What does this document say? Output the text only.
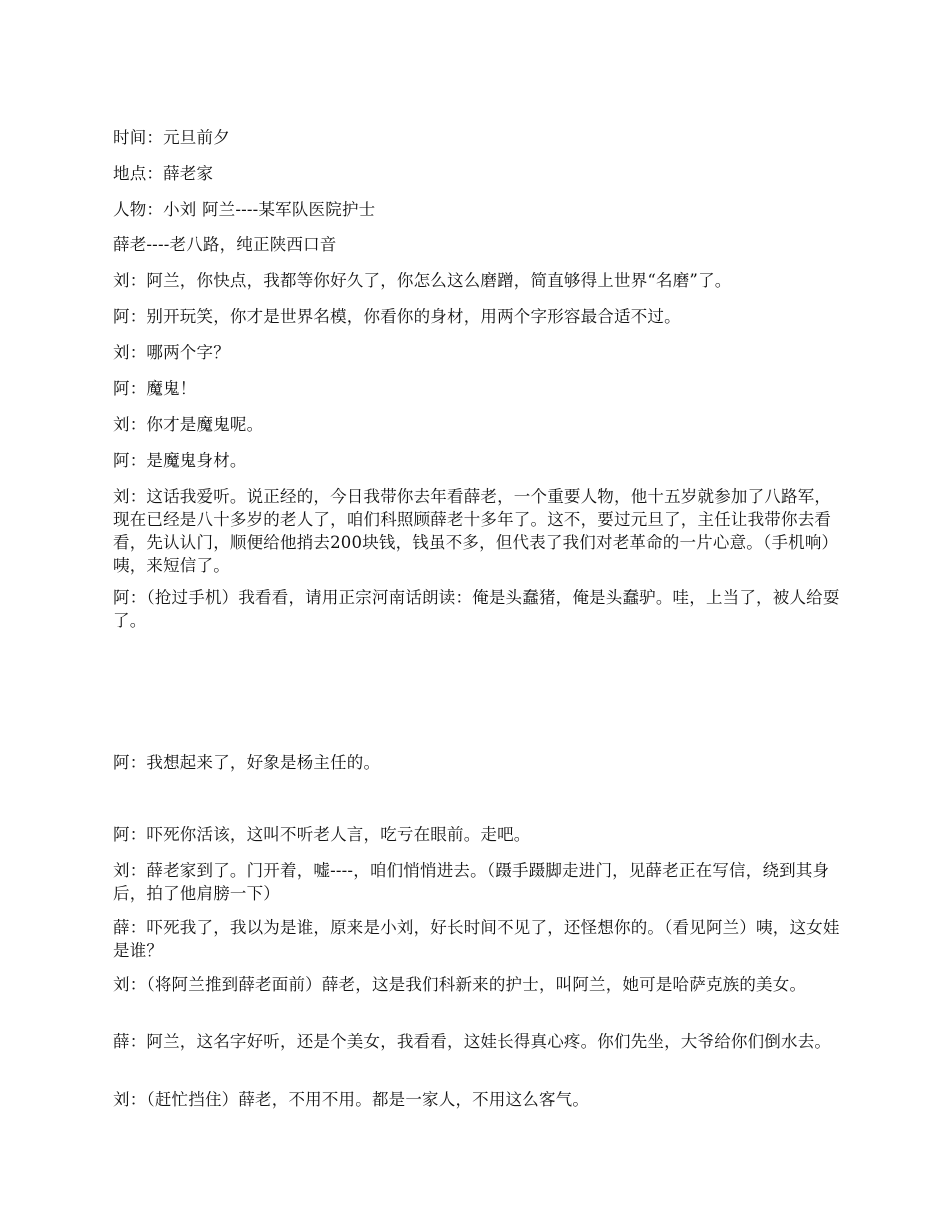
时间：元旦前夕

地点：薛老家

人物：小刘 阿兰----某军队医院护士

薛老----老八路，纯正陕西口音

刘：阿兰，你快点，我都等你好久了，你怎么这么磨蹭，简直够得上世界“名磨”了。

阿：别开玩笑，你才是世界名模，你看你的身材，用两个字形容最合适不过。

刘：哪两个字？

阿：魔鬼！

刘：你才是魔鬼呢。

阿：是魔鬼身材。

刘：这话我爱听。说正经的，今日我带你去年看薛老，一个重要人物，他十五岁就参加了八路军，现在已经是八十多岁的老人了，咱们科照顾薛老十多年了。这不，要过元旦了，主任让我带你去看看，先认认门，顺便给他捎去200块钱，钱虽不多，但代表了我们对老革命的一片心意。（手机响）咦，来短信了。

阿：（抢过手机）我看看，请用正宗河南话朗读：俺是头蠢猪，俺是头蠢驴。哇，上当了，被人给耍了。

阿：我想起来了，好象是杨主任的。

阿：吓死你活该，这叫不听老人言，吃亏在眼前。走吧。

刘：薛老家到了。门开着，嘘----，咱们悄悄进去。（蹑手蹑脚走进门，见薛老正在写信，绕到其身后，拍了他肩膀一下）

薛：吓死我了，我以为是谁，原来是小刘，好长时间不见了，还怪想你的。（看见阿兰）咦，这女娃是谁？

刘：（将阿兰推到薛老面前）薛老，这是我们科新来的护士，叫阿兰，她可是哈萨克族的美女。

薛：阿兰，这名字好听，还是个美女，我看看，这娃长得真心疼。你们先坐，大爷给你们倒水去。

刘：（赶忙挡住）薛老，不用不用。都是一家人，不用这么客气。
